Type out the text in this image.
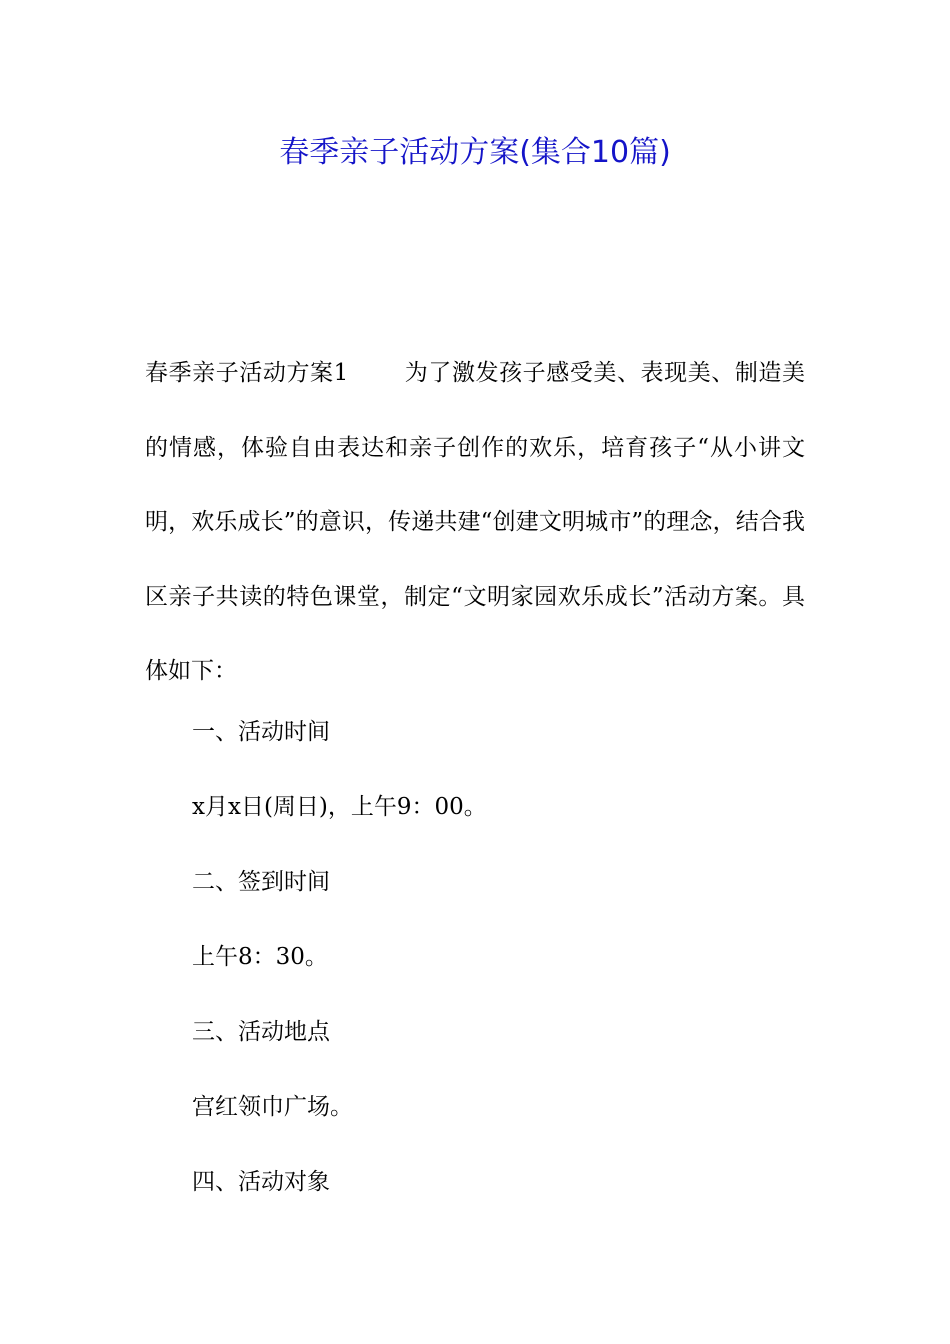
春季亲子活动方案(集合10篇)

春季亲子活动方案1 为了激发孩子感受美、表现美、制造美的情感，体验自由表达和亲子创作的欢乐，培育孩子“从小讲文明，欢乐成长”的意识，传递共建“创建文明城市”的理念，结合我区亲子共读的特色课堂，制定“文明家园欢乐成长”活动方案。具体如下：

一、活动时间

x月x日(周日)，上午9：00。

二、签到时间

上午8：30。

三、活动地点

宫红领巾广场。

四、活动对象
